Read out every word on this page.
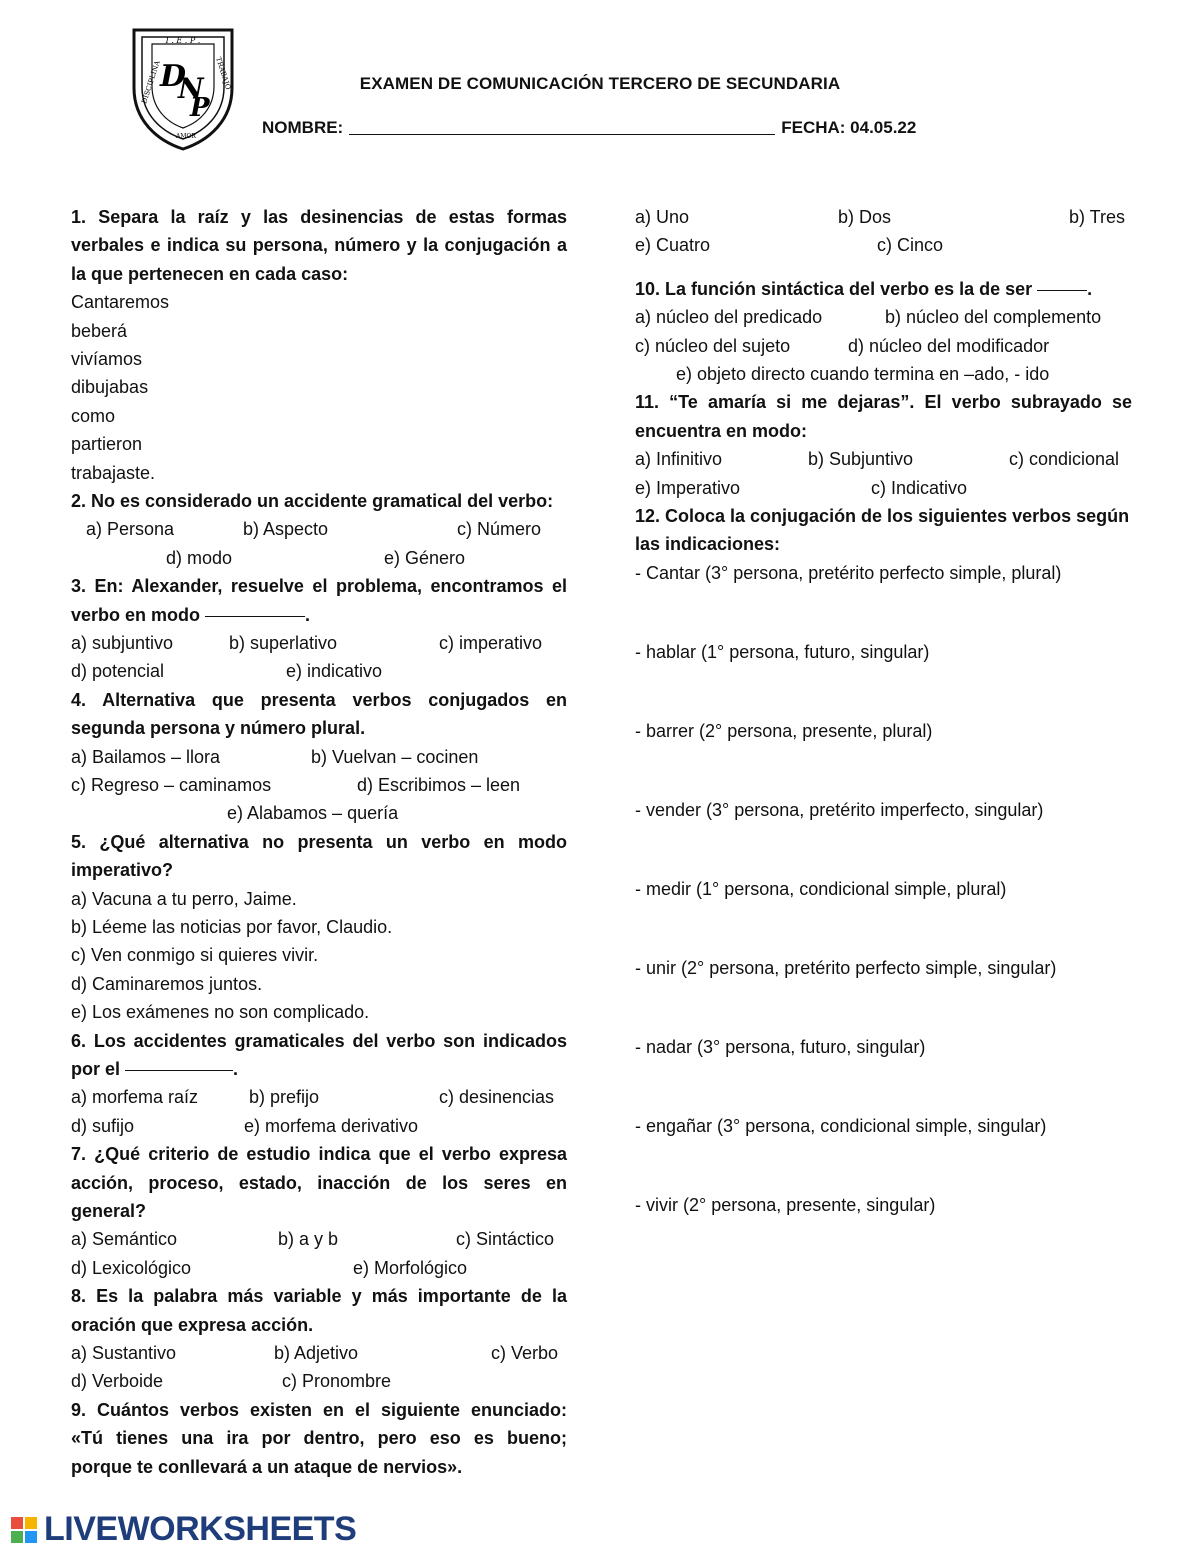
I . E . P .
DISCIPLINA
AMOR
TRABAJO
D
N
P
EXAMEN DE COMUNICACIÓN TERCERO DE SECUNDARIA
NOMBRE:	FECHA: 04.05.22
1. Separa la raíz y las desinencias de estas formas
verbales e indica su persona, número y la conjugación a
la que pertenecen en cada caso:
Cantaremos
beberá
vivíamos
dibujabas
como
partieron
trabajaste.
2. No es considerado un accidente gramatical del verbo:
a) Persona	b) Aspecto	c) Número
d) modo	e) Género
3. En: Alexander, resuelve el problema, encontramos el
verbo en modo	.
a) subjuntivo	b) superlativo	c) imperativo
d) potencial	e) indicativo
4. Alternativa que presenta verbos conjugados en
segunda persona y número plural.
a) Bailamos – llora	b) Vuelvan – cocinen
c) Regreso – caminamos	d) Escribimos – leen
e) Alabamos – quería
5. ¿Qué alternativa no presenta un verbo en modo
imperativo?
a) Vacuna a tu perro, Jaime.
b) Léeme las noticias por favor, Claudio.
c) Ven conmigo si quieres vivir.
d) Caminaremos juntos.
e) Los exámenes no son complicado.
6. Los accidentes gramaticales del verbo son indicados
por el	.
a) morfema raíz	b) prefijo	c) desinencias
d) sufijo	e) morfema derivativo
7. ¿Qué criterio de estudio indica que el verbo expresa
acción, proceso, estado, inacción de los seres en
general?
a) Semántico	b) a y b	c) Sintáctico
d) Lexicológico	e) Morfológico
8. Es la palabra más variable y más importante de la
oración que expresa acción.
a) Sustantivo	b) Adjetivo	c) Verbo
d) Verboide	c) Pronombre
9. Cuántos verbos existen en el siguiente enunciado:
«Tú tienes una ira por dentro, pero eso es bueno;
porque te conllevará a un ataque de nervios».
a) Uno	b) Dos	b) Tres
e) Cuatro	c) Cinco
10. La función sintáctica del verbo es la de ser	.
a) núcleo del predicado	b) núcleo del complemento
c) núcleo del sujeto	d) núcleo del modificador
e) objeto directo cuando termina en –ado, - ido
11. “Te amaría si me dejaras”. El verbo subrayado se
encuentra en modo:
a) Infinitivo	b) Subjuntivo	c) condicional
e) Imperativo	c) Indicativo
12. Coloca la conjugación de los siguientes verbos según
las indicaciones:
- Cantar (3° persona, pretérito perfecto simple, plural)
- hablar (1° persona, futuro, singular)
- barrer (2° persona, presente, plural)
- vender (3° persona, pretérito imperfecto, singular)
- medir (1° persona, condicional simple, plural)
- unir (2° persona, pretérito perfecto simple, singular)
- nadar (3° persona, futuro, singular)
- engañar (3° persona, condicional simple, singular)
- vivir (2° persona, presente, singular)
LIVEWORKSHEETS
